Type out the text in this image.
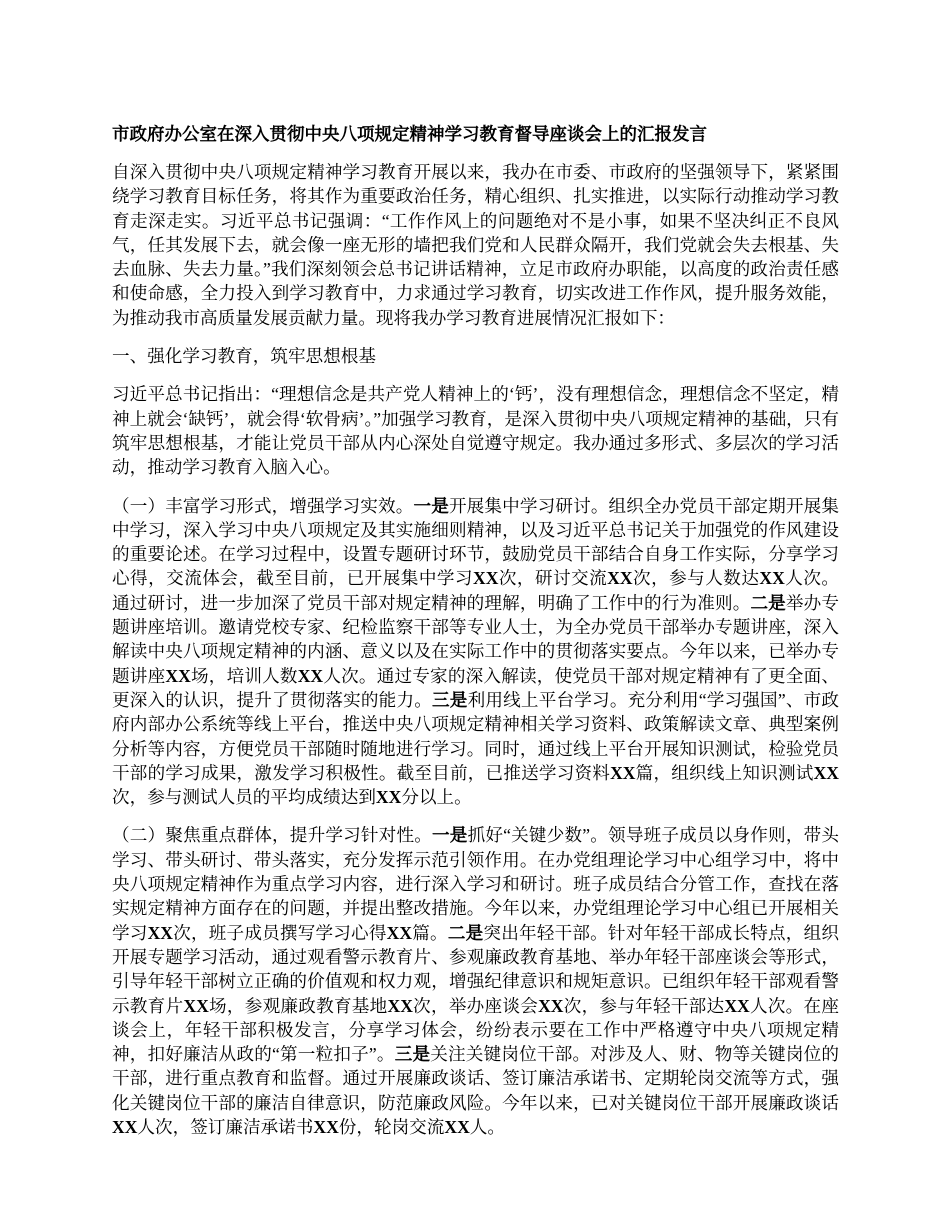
市政府办公室在深入贯彻中央八项规定精神学习教育督导座谈会上的汇报发言

自深入贯彻中央八项规定精神学习教育开展以来，我办在市委、市政府的坚强领导下，紧紧围绕学习教育目标任务，将其作为重要政治任务，精心组织、扎实推进，以实际行动推动学习教育走深走实。习近平总书记强调：“工作作风上的问题绝对不是小事，如果不坚决纠正不良风气，任其发展下去，就会像一座无形的墙把我们党和人民群众隔开，我们党就会失去根基、失去血脉、失去力量。”我们深刻领会总书记讲话精神，立足市政府办职能，以高度的政治责任感和使命感，全力投入到学习教育中，力求通过学习教育，切实改进工作作风，提升服务效能，为推动我市高质量发展贡献力量。现将我办学习教育进展情况汇报如下：

一、强化学习教育，筑牢思想根基

习近平总书记指出：“理想信念是共产党人精神上的‘钙’，没有理想信念，理想信念不坚定，精神上就会‘缺钙’，就会得‘软骨病’。”加强学习教育，是深入贯彻中央八项规定精神的基础，只有筑牢思想根基，才能让党员干部从内心深处自觉遵守规定。我办通过多形式、多层次的学习活动，推动学习教育入脑入心。

（一）丰富学习形式，增强学习实效。一是开展集中学习研讨。组织全办党员干部定期开展集中学习，深入学习中央八项规定及其实施细则精神，以及习近平总书记关于加强党的作风建设的重要论述。在学习过程中，设置专题研讨环节，鼓励党员干部结合自身工作实际，分享学习心得，交流体会，截至目前，已开展集中学习XX次，研讨交流XX次，参与人数达XX人次。通过研讨，进一步加深了党员干部对规定精神的理解，明确了工作中的行为准则。二是举办专题讲座培训。邀请党校专家、纪检监察干部等专业人士，为全办党员干部举办专题讲座，深入解读中央八项规定精神的内涵、意义以及在实际工作中的贯彻落实要点。今年以来，已举办专题讲座XX场，培训人数XX人次。通过专家的深入解读，使党员干部对规定精神有了更全面、更深入的认识，提升了贯彻落实的能力。三是利用线上平台学习。充分利用“学习强国”、市政府内部办公系统等线上平台，推送中央八项规定精神相关学习资料、政策解读文章、典型案例分析等内容，方便党员干部随时随地进行学习。同时，通过线上平台开展知识测试，检验党员干部的学习成果，激发学习积极性。截至目前，已推送学习资料XX篇，组织线上知识测试XX次，参与测试人员的平均成绩达到XX分以上。

（二）聚焦重点群体，提升学习针对性。一是抓好“关键少数”。领导班子成员以身作则，带头学习、带头研讨、带头落实，充分发挥示范引领作用。在办党组理论学习中心组学习中，将中央八项规定精神作为重点学习内容，进行深入学习和研讨。班子成员结合分管工作，查找在落实规定精神方面存在的问题，并提出整改措施。今年以来，办党组理论学习中心组已开展相关学习XX次，班子成员撰写学习心得XX篇。二是突出年轻干部。针对年轻干部成长特点，组织开展专题学习活动，通过观看警示教育片、参观廉政教育基地、举办年轻干部座谈会等形式，引导年轻干部树立正确的价值观和权力观，增强纪律意识和规矩意识。已组织年轻干部观看警示教育片XX场，参观廉政教育基地XX次，举办座谈会XX次，参与年轻干部达XX人次。在座谈会上，年轻干部积极发言，分享学习体会，纷纷表示要在工作中严格遵守中央八项规定精神，扣好廉洁从政的“第一粒扣子”。三是关注关键岗位干部。对涉及人、财、物等关键岗位的干部，进行重点教育和监督。通过开展廉政谈话、签订廉洁承诺书、定期轮岗交流等方式，强化关键岗位干部的廉洁自律意识，防范廉政风险。今年以来，已对关键岗位干部开展廉政谈话XX人次，签订廉洁承诺书XX份，轮岗交流XX人。
